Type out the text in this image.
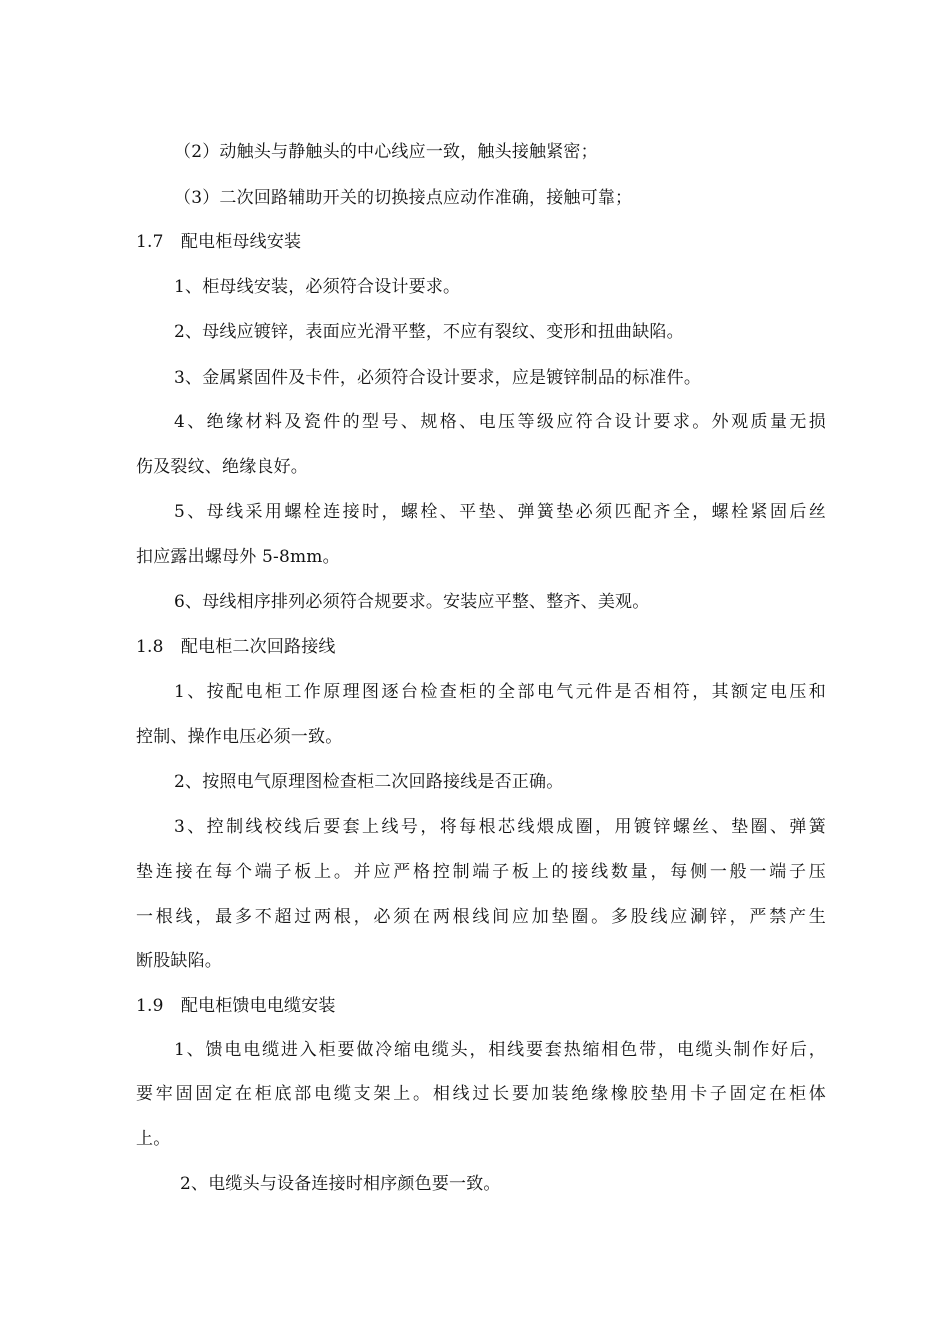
（2）动触头与静触头的中心线应一致，触头接触紧密；
（3）二次回路辅助开关的切换接点应动作准确，接触可靠；
1.7　配电柜母线安装
1、柜母线安装，必须符合设计要求。
2、母线应镀锌，表面应光滑平整，不应有裂纹、变形和扭曲缺陷。
3、金属紧固件及卡件，必须符合设计要求，应是镀锌制品的标准件。
4、绝缘材料及瓷件的型号、规格、电压等级应符合设计要求。外观质量无损
伤及裂纹、绝缘良好。
5、母线采用螺栓连接时，螺栓、平垫、弹簧垫必须匹配齐全，螺栓紧固后丝
扣应露出螺母外 5-8mm。
6、母线相序排列必须符合规要求。安装应平整、整齐、美观。
1.8　配电柜二次回路接线
1、按配电柜工作原理图逐台检查柜的全部电气元件是否相符，其额定电压和
控制、操作电压必须一致。
2、按照电气原理图检查柜二次回路接线是否正确。
3、控制线校线后要套上线号，将每根芯线煨成圈，用镀锌螺丝、垫圈、弹簧
垫连接在每个端子板上。并应严格控制端子板上的接线数量，每侧一般一端子压
一根线，最多不超过两根，必须在两根线间应加垫圈。多股线应涮锌，严禁产生
断股缺陷。
1.9　配电柜馈电电缆安装
1、馈电电缆进入柜要做冷缩电缆头，相线要套热缩相色带，电缆头制作好后，
要牢固固定在柜底部电缆支架上。相线过长要加装绝缘橡胶垫用卡子固定在柜体
上。
2、电缆头与设备连接时相序颜色要一致。
